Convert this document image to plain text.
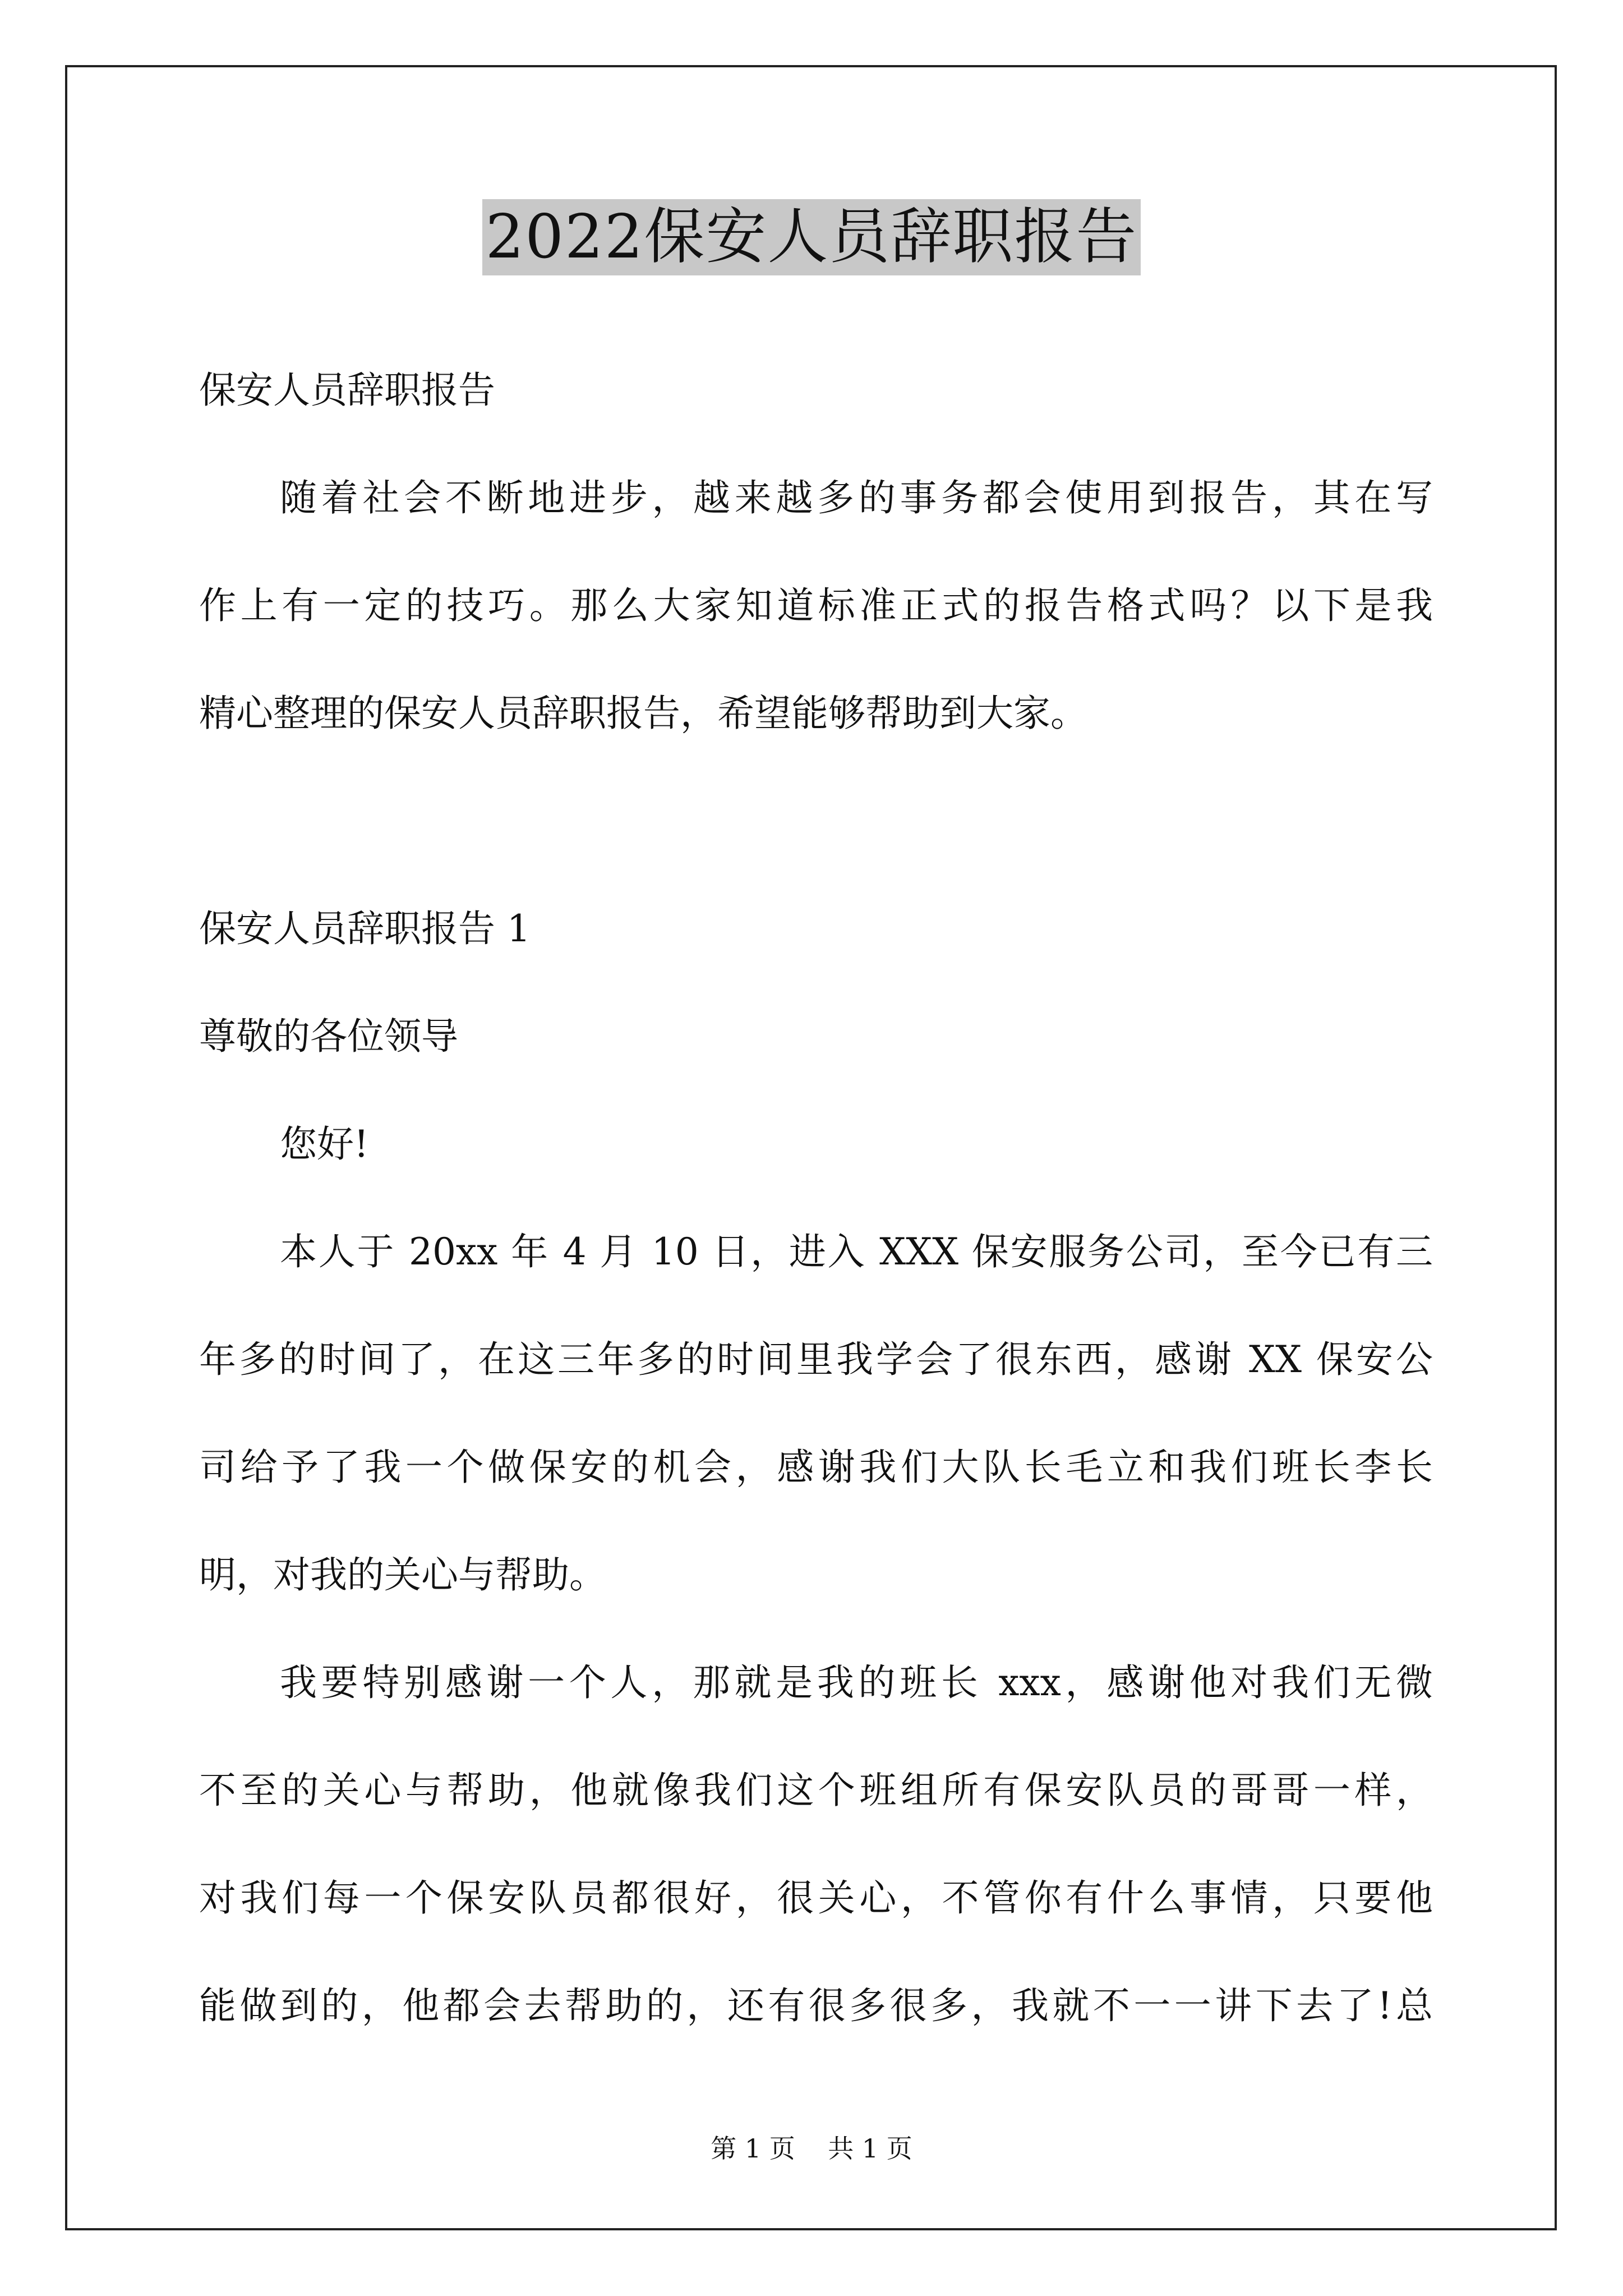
2022保安人员辞职报告
保安人员辞职报告
随着社会不断地进步，越来越多的事务都会使用到报告，其在写
作上有一定的技巧。那么大家知道标准正式的报告格式吗？以下是我
精心整理的保安人员辞职报告，希望能够帮助到大家。
保安人员辞职报告 1
尊敬的各位领导
您好!
本人于 20xx 年 4 月 10 日，进入 XXX 保安服务公司，至今已有三
年多的时间了，在这三年多的时间里我学会了很东西，感谢 XX 保安公
司给予了我一个做保安的机会，感谢我们大队长毛立和我们班长李长
明，对我的关心与帮助。
我要特别感谢一个人，那就是我的班长 xxx，感谢他对我们无微
不至的关心与帮助，他就像我们这个班组所有保安队员的哥哥一样，
对我们每一个保安队员都很好，很关心，不管你有什么事情，只要他
能做到的，他都会去帮助的，还有很多很多，我就不一一讲下去了!总
第 1 页    共 1 页
